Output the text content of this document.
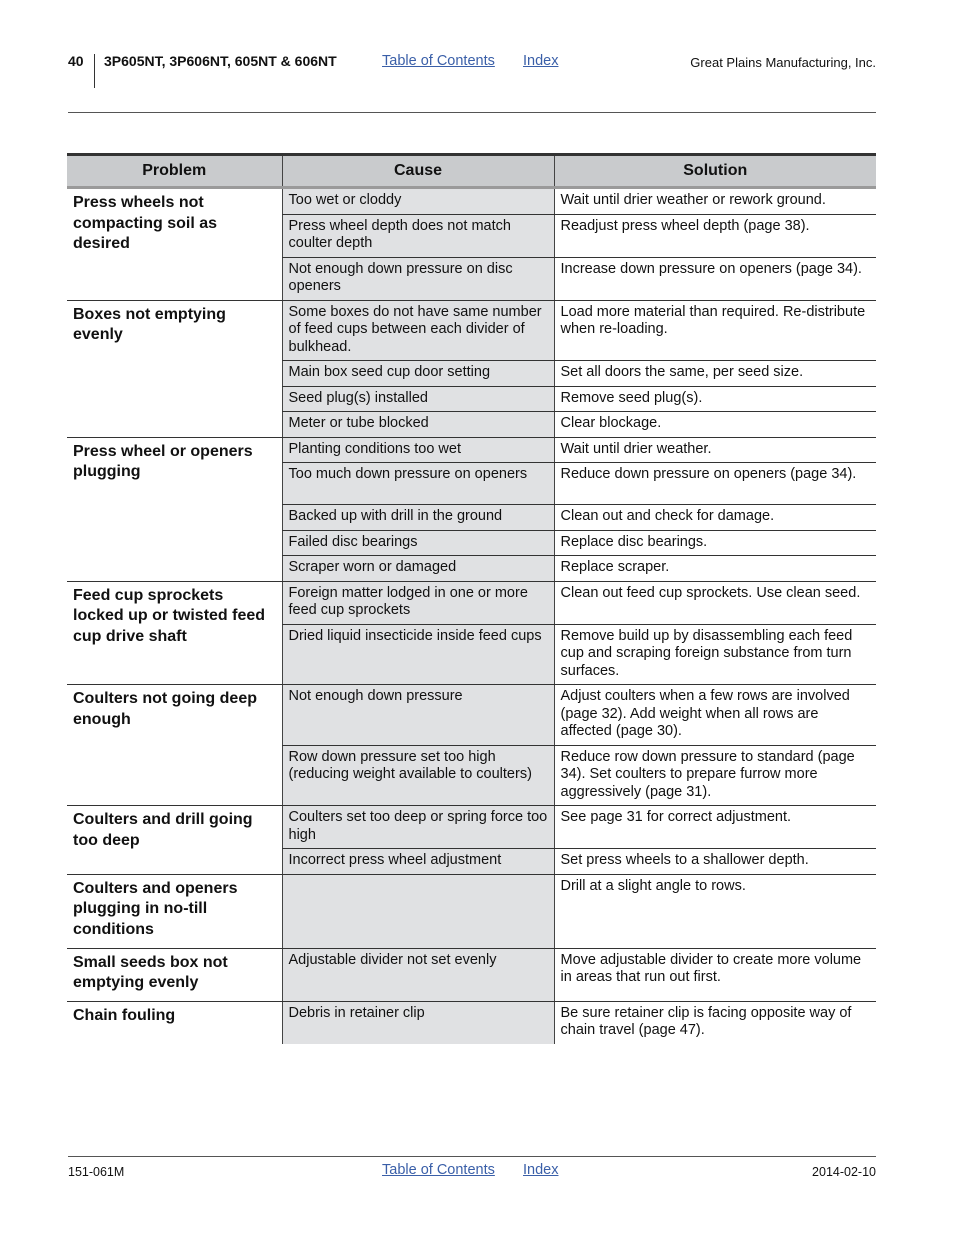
40 3P605NT, 3P606NT, 605NT & 606NT	Table of Contents Index	Great Plains Manufacturing, Inc.
Problem	Cause	Solution
Press wheels not compacting soil as desired	Too wet or cloddy	Wait until drier weather or rework ground.
	Press wheel depth does not match coulter depth	Readjust press wheel depth (page 38).
	Not enough down pressure on disc openers	Increase down pressure on openers (page 34).
Boxes not emptying evenly	Some boxes do not have same number of feed cups between each divider of bulkhead.	Load more material than required. Re-distribute when re-loading.
	Main box seed cup door setting	Set all doors the same, per seed size.
	Seed plug(s) installed	Remove seed plug(s).
	Meter or tube blocked	Clear blockage.
Press wheel or openers plugging	Planting conditions too wet	Wait until drier weather.
	Too much down pressure on openers	Reduce down pressure on openers (page 34).
	Backed up with drill in the ground	Clean out and check for damage.
	Failed disc bearings	Replace disc bearings.
	Scraper worn or damaged	Replace scraper.
Feed cup sprockets locked up or twisted feed cup drive shaft	Foreign matter lodged in one or more feed cup sprockets	Clean out feed cup sprockets. Use clean seed.
	Dried liquid insecticide inside feed cups	Remove build up by disassembling each feed cup and scraping foreign substance from turn surfaces.
Coulters not going deep enough	Not enough down pressure	Adjust coulters when a few rows are involved (page 32). Add weight when all rows are affected (page 30).
	Row down pressure set too high (reducing weight available to coulters)	Reduce row down pressure to standard (page 34). Set coulters to prepare furrow more aggressively (page 31).
Coulters and drill going too deep	Coulters set too deep or spring force too high	See page 31 for correct adjustment.
	Incorrect press wheel adjustment	Set press wheels to a shallower depth.
Coulters and openers plugging in no-till conditions		Drill at a slight angle to rows.
Small seeds box not emptying evenly	Adjustable divider not set evenly	Move adjustable divider to create more volume in areas that run out first.
Chain fouling	Debris in retainer clip	Be sure retainer clip is facing opposite way of chain travel (page 47).
151-061M	Table of Contents Index	2014-02-10
